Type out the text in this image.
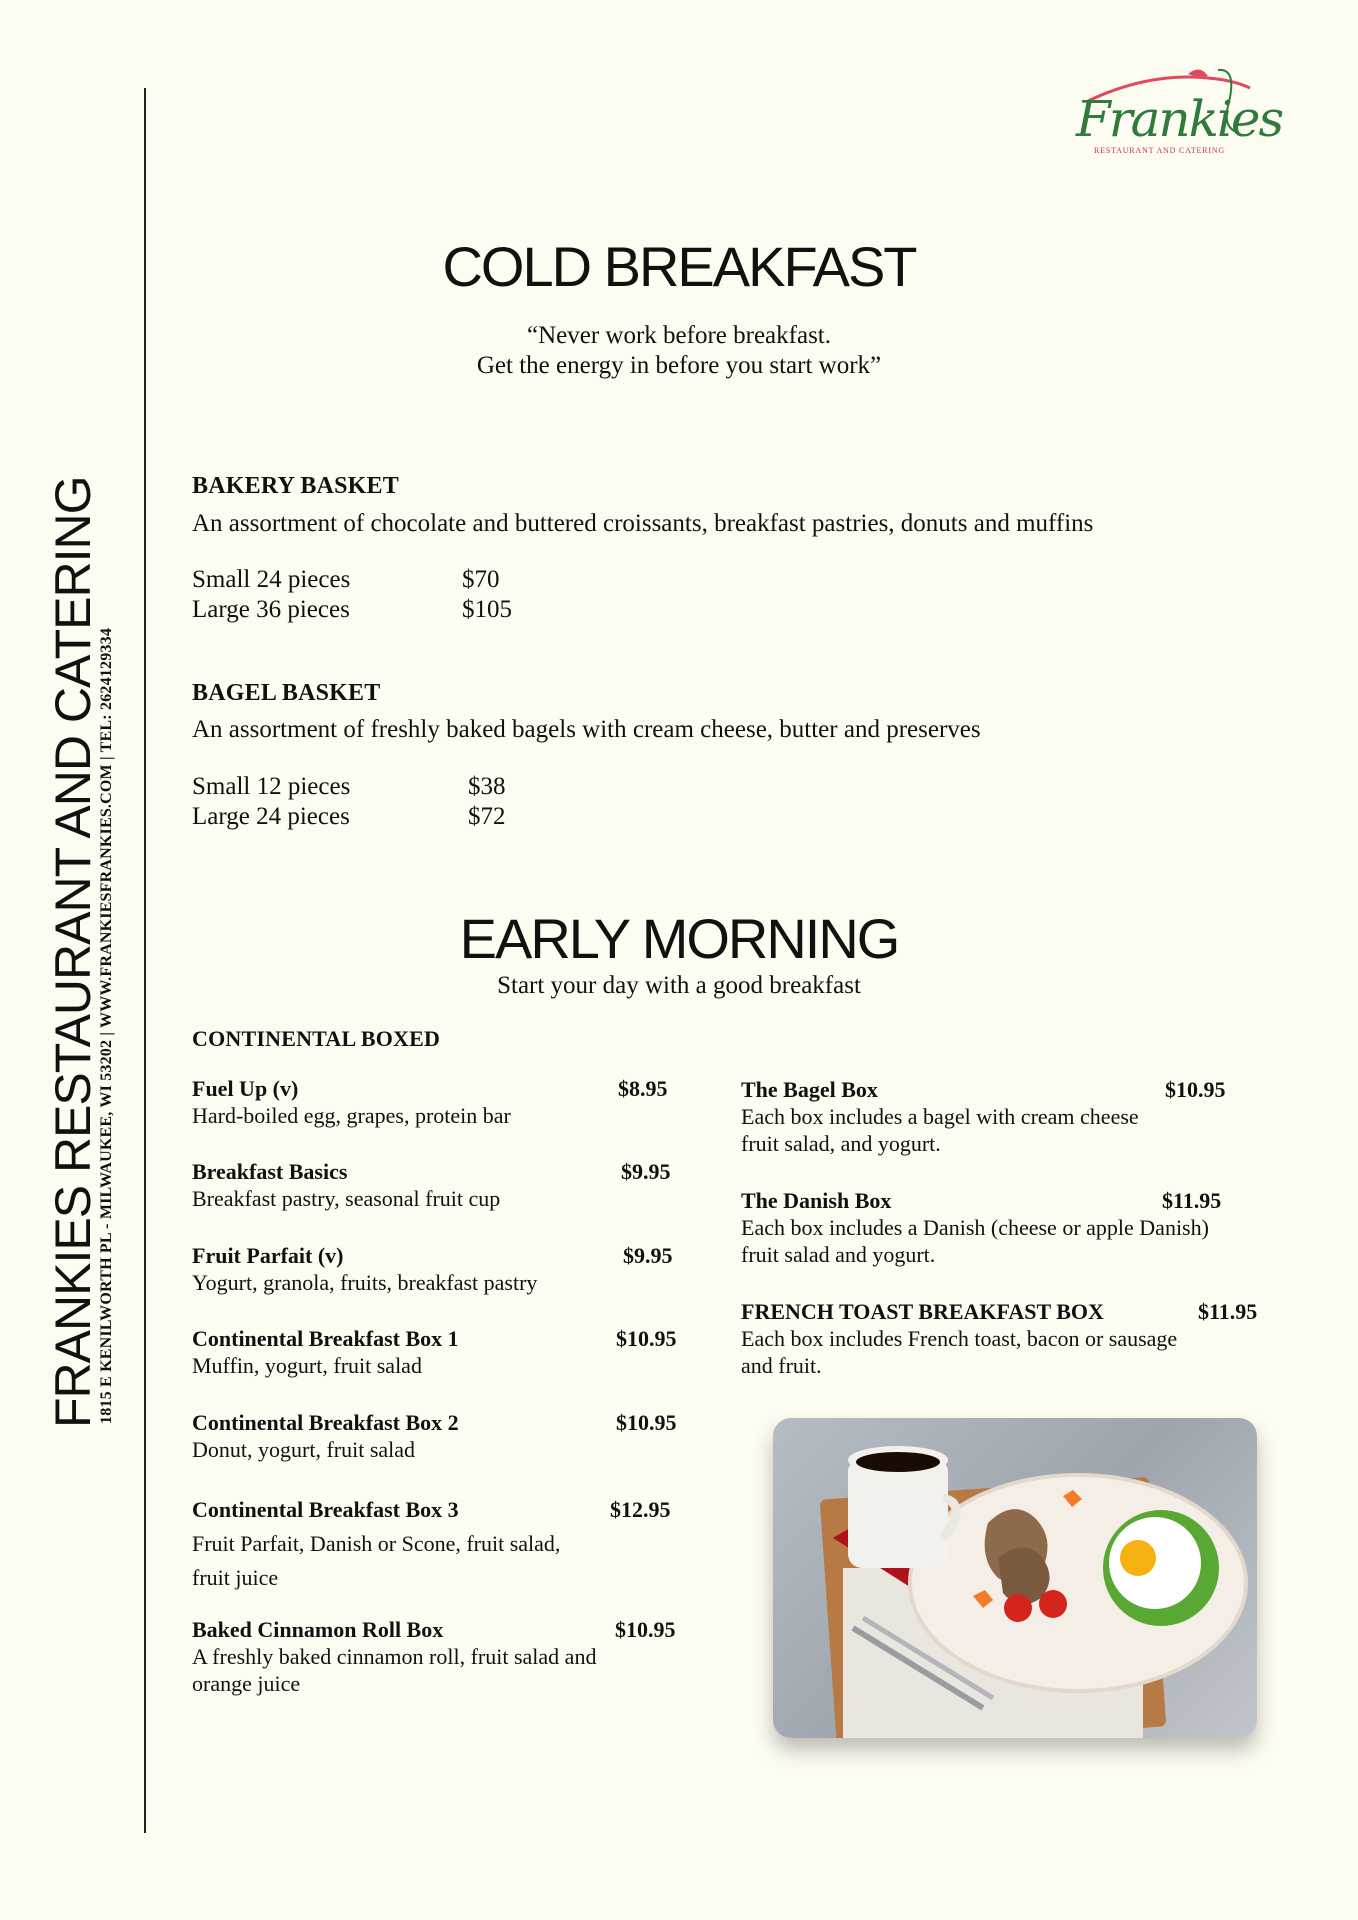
FRANKIES RESTAURANT AND CATERING
1815 E KENILWORTH PL - MILWAUKEE, WI 53202 | WWW.FRANKIESFRANKIES.COM | TEL: 2624129334
Frankies
RESTAURANT AND CATERING
COLD BREAKFAST
“Never work before breakfast.
Get the energy in before you start work”
BAKERY BASKET
An assortment of chocolate and buttered croissants, breakfast pastries, donuts and muffins
Small 24 pieces	$70
Large 36 pieces	$105
BAGEL BASKET
An assortment of freshly baked bagels with cream cheese, butter and preserves
Small 12 pieces	$38
Large 24 pieces	$72
EARLY MORNING
Start your day with a good breakfast
CONTINENTAL BOXED
Fuel Up (v)	$8.95
Hard-boiled egg, grapes, protein bar
Breakfast Basics	$9.95
Breakfast pastry, seasonal fruit cup
Fruit Parfait (v)	$9.95
Yogurt, granola, fruits, breakfast pastry
Continental Breakfast Box 1	$10.95
Muffin, yogurt, fruit salad
Continental Breakfast Box 2	$10.95
Donut, yogurt, fruit salad
Continental Breakfast Box 3	$12.95
Fruit Parfait, Danish or Scone, fruit salad,
fruit juice
Baked Cinnamon Roll Box	$10.95
A freshly baked cinnamon roll, fruit salad and
orange juice
The Bagel Box	$10.95
Each box includes a bagel with cream cheese
fruit salad, and yogurt.
The Danish Box	$11.95
Each box includes a Danish (cheese or apple Danish)
fruit salad and yogurt.
FRENCH TOAST BREAKFAST BOX	$11.95
Each box includes French toast, bacon or sausage
and fruit.
